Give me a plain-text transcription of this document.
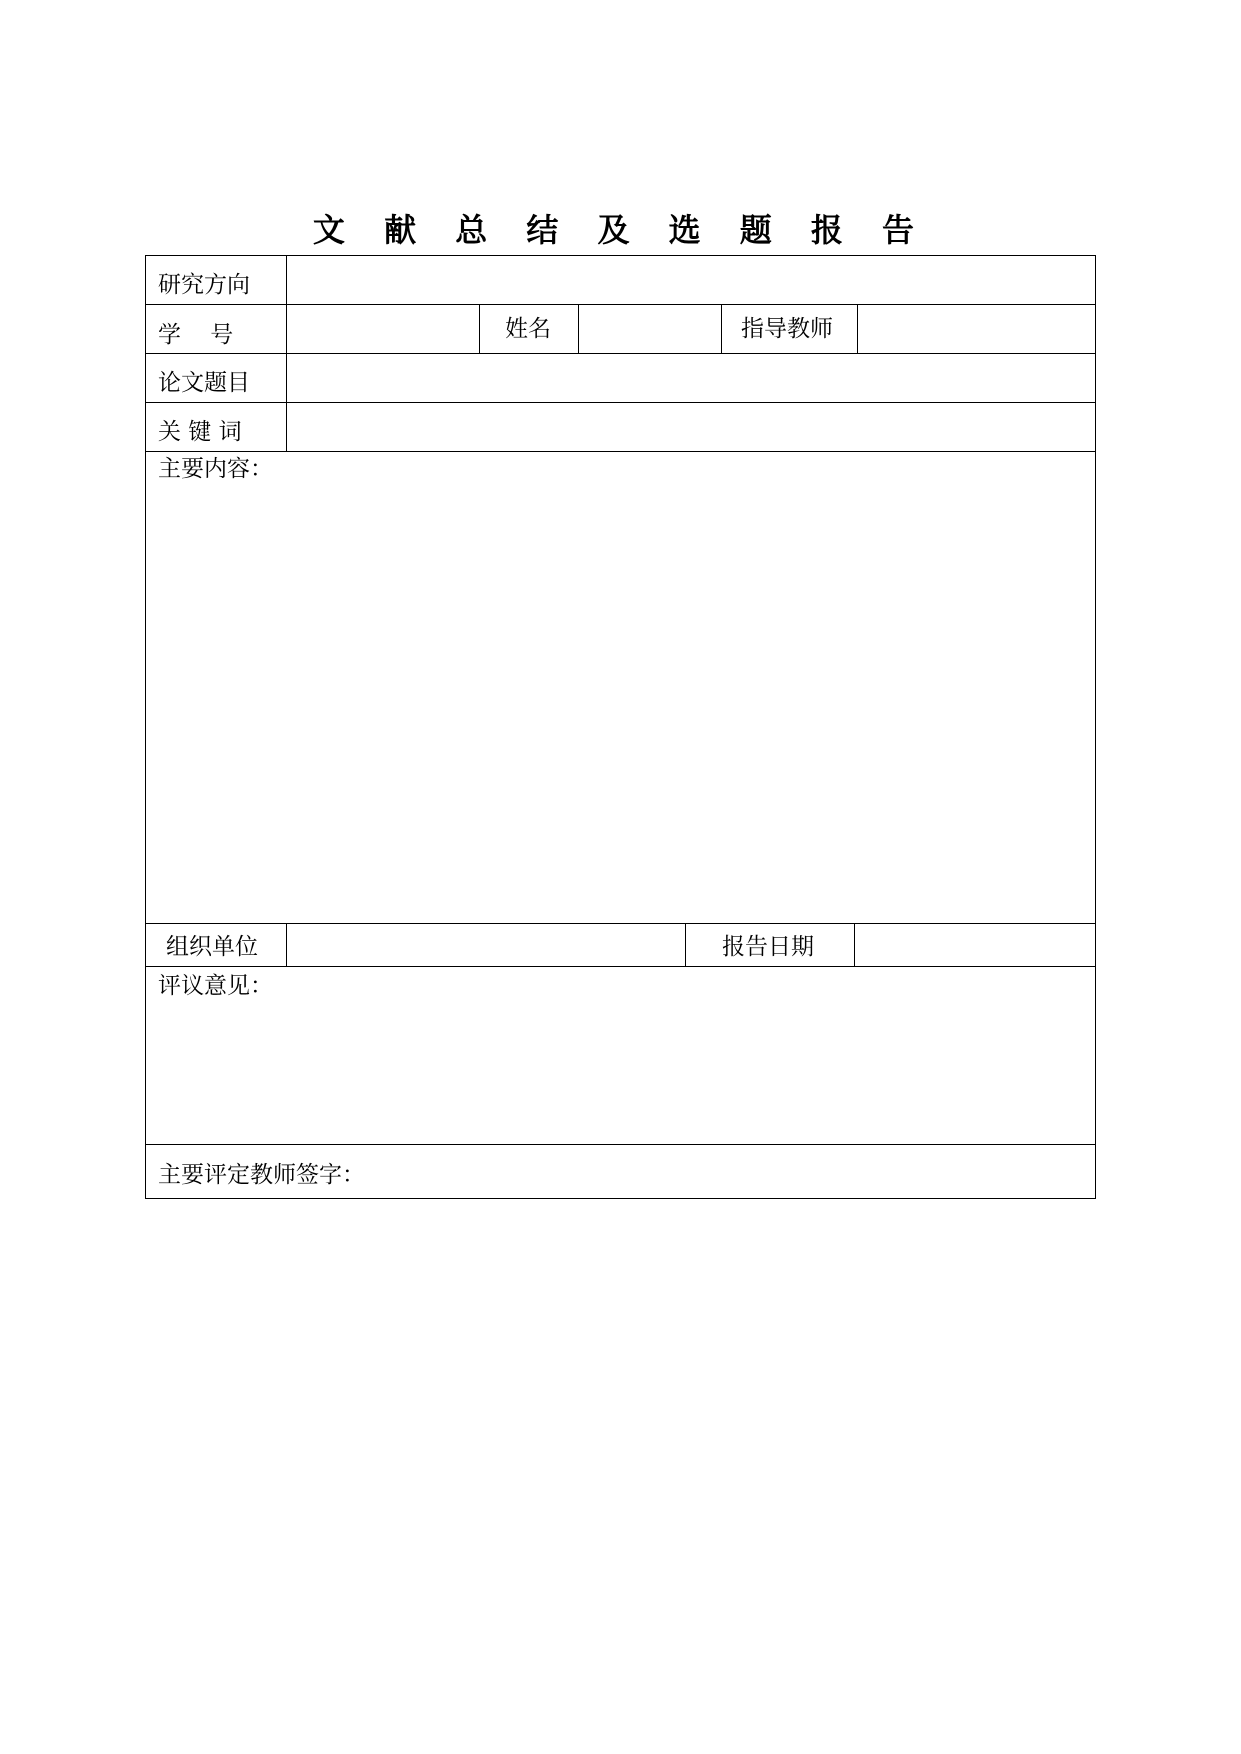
文 献 总 结 及 选 题 报 告
研究方向
学    号	姓名	指导教师
论文题目
关 键 词
主要内容：
组织单位	报告日期
评议意见：
主要评定教师签字：
